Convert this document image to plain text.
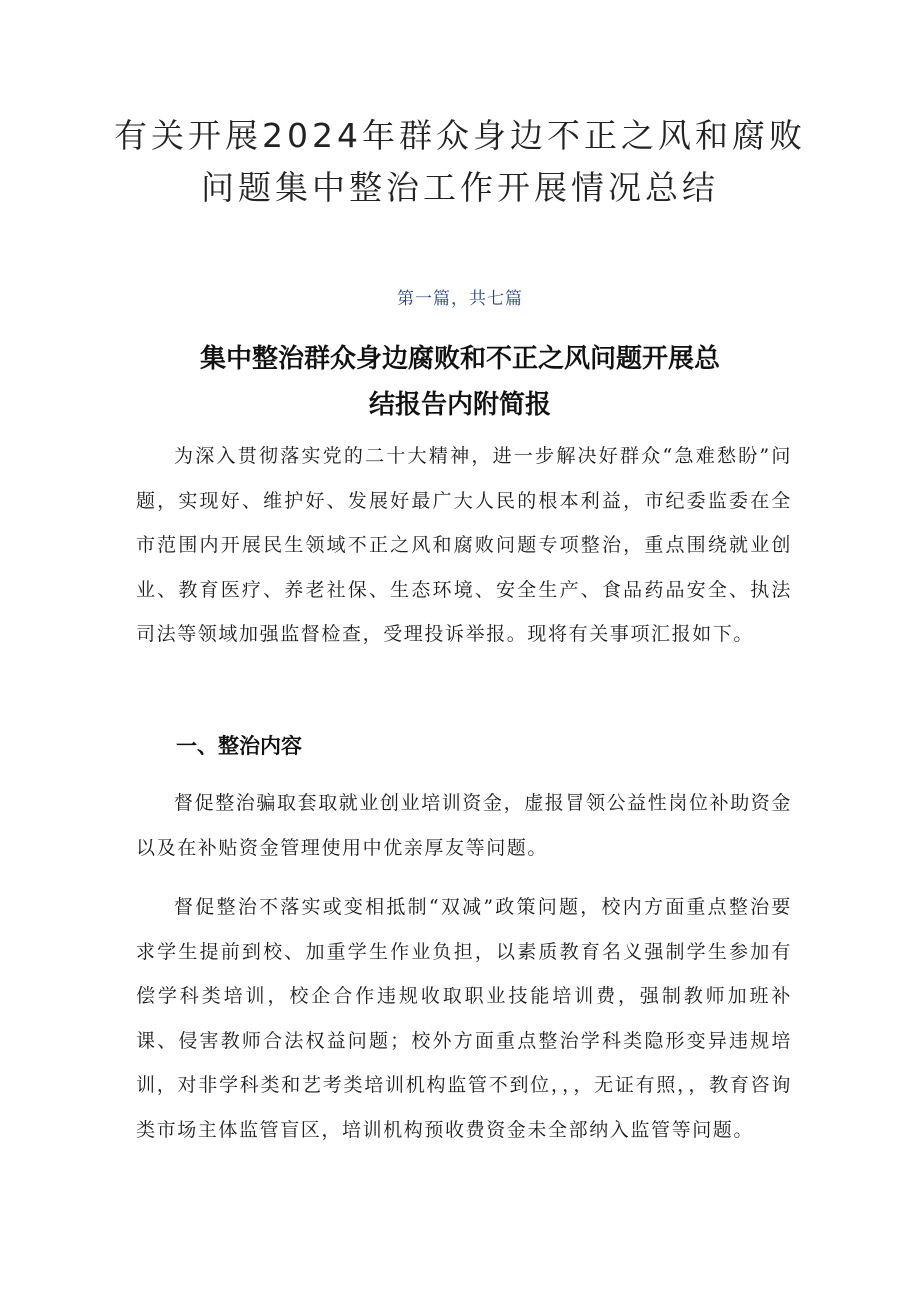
有关开展2024年群众身边不正之风和腐败
问题集中整治工作开展情况总结
第一篇，共七篇
集中整治群众身边腐败和不正之风问题开展总
结报告内附简报

为深入贯彻落实党的二十大精神，进一步解决好群众“急难愁盼”问题，实现好、维护好、发展好最广大人民的根本利益，市纪委监委在全市范围内开展民生领域不正之风和腐败问题专项整治，重点围绕就业创业、教育医疗、养老社保、生态环境、安全生产、食品药品安全、执法司法等领域加强监督检查，受理投诉举报。现将有关事项汇报如下。

一、整治内容

督促整治骗取套取就业创业培训资金，虚报冒领公益性岗位补助资金以及在补贴资金管理使用中优亲厚友等问题。

督促整治不落实或变相抵制“双减”政策问题，校内方面重点整治要求学生提前到校、加重学生作业负担，以素质教育名义强制学生参加有偿学科类培训，校企合作违规收取职业技能培训费，强制教师加班补课、侵害教师合法权益问题；校外方面重点整治学科类隐形变异违规培训，对非学科类和艺考类培训机构监管不到位，，，无证有照，，教育咨询类市场主体监管盲区，培训机构预收费资金未全部纳入监管等问题。
